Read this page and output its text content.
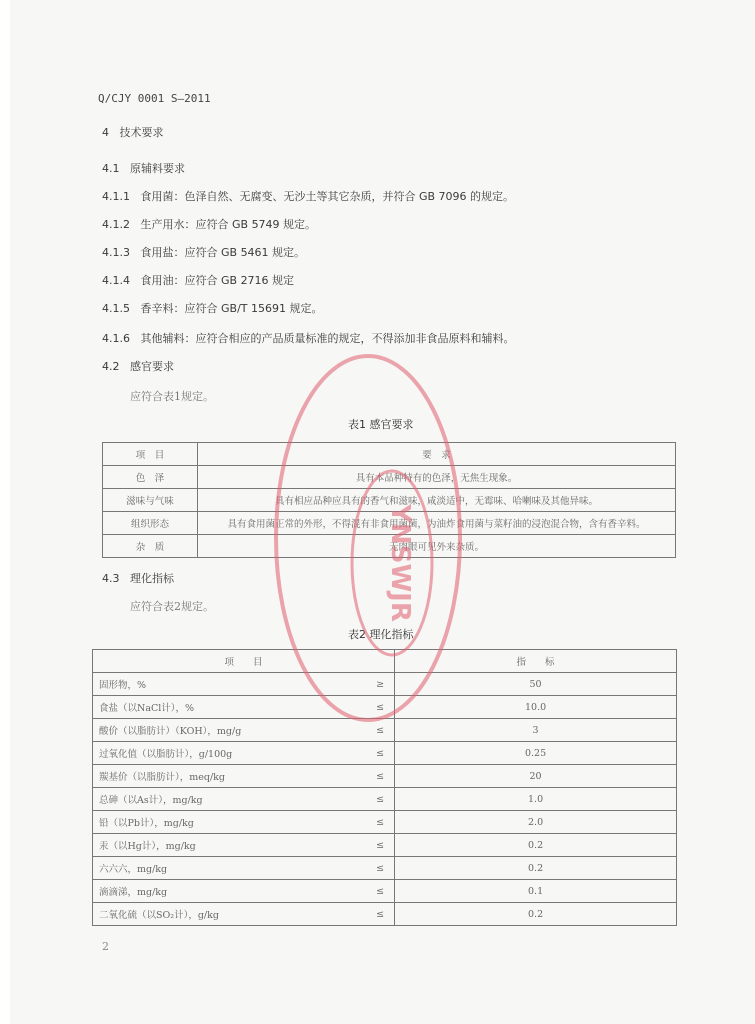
Q/CJY 0001 S—2011
4 技术要求
4.1 原辅料要求
4.1.1 食用菌：色泽自然、无腐变、无沙土等其它杂质，并符合 GB 7096 的规定。
4.1.2 生产用水：应符合 GB 5749 规定。
4.1.3 食用盐：应符合 GB 5461 规定。
4.1.4 食用油：应符合 GB 2716 规定
4.1.5 香辛料：应符合 GB/T 15691 规定。
4.1.6 其他辅料：应符合相应的产品质量标准的规定，不得添加非食品原料和辅料。
4.2 感官要求
应符合表1规定。
表1 感官要求
项　目	要　求
色　泽	具有本品种特有的色泽，无焦生现象。
滋味与气味	具有相应品种应具有的香气和滋味，咸淡适中，无霉味、哈喇味及其他异味。
组织形态	具有食用菌正常的外形，不得混有非食用菌菌，为油炸食用菌与菜籽油的浸泡混合物，含有香辛料。
杂　质	无肉眼可见外来杂质。
4.3 理化指标
应符合表2规定。
表2 理化指标
项　　目		指　　标
固形物，%	≥	50
食盐（以NaCl计），%	≤	10.0
酸价（以脂肪计）（KOH），mg/g	≤	3
过氧化值（以脂肪计），g/100g	≤	0.25
羰基价（以脂肪计），meq/kg	≤	20
总砷（以As计），mg/kg	≤	1.0
铅（以Pb计），mg/kg	≤	2.0
汞（以Hg计），mg/kg	≤	0.2
六六六，mg/kg	≤	0.2
滴滴涕，mg/kg	≤	0.1
二氧化硫（以SO₂计），g/kg	≤	0.2
YNSWJR
2
